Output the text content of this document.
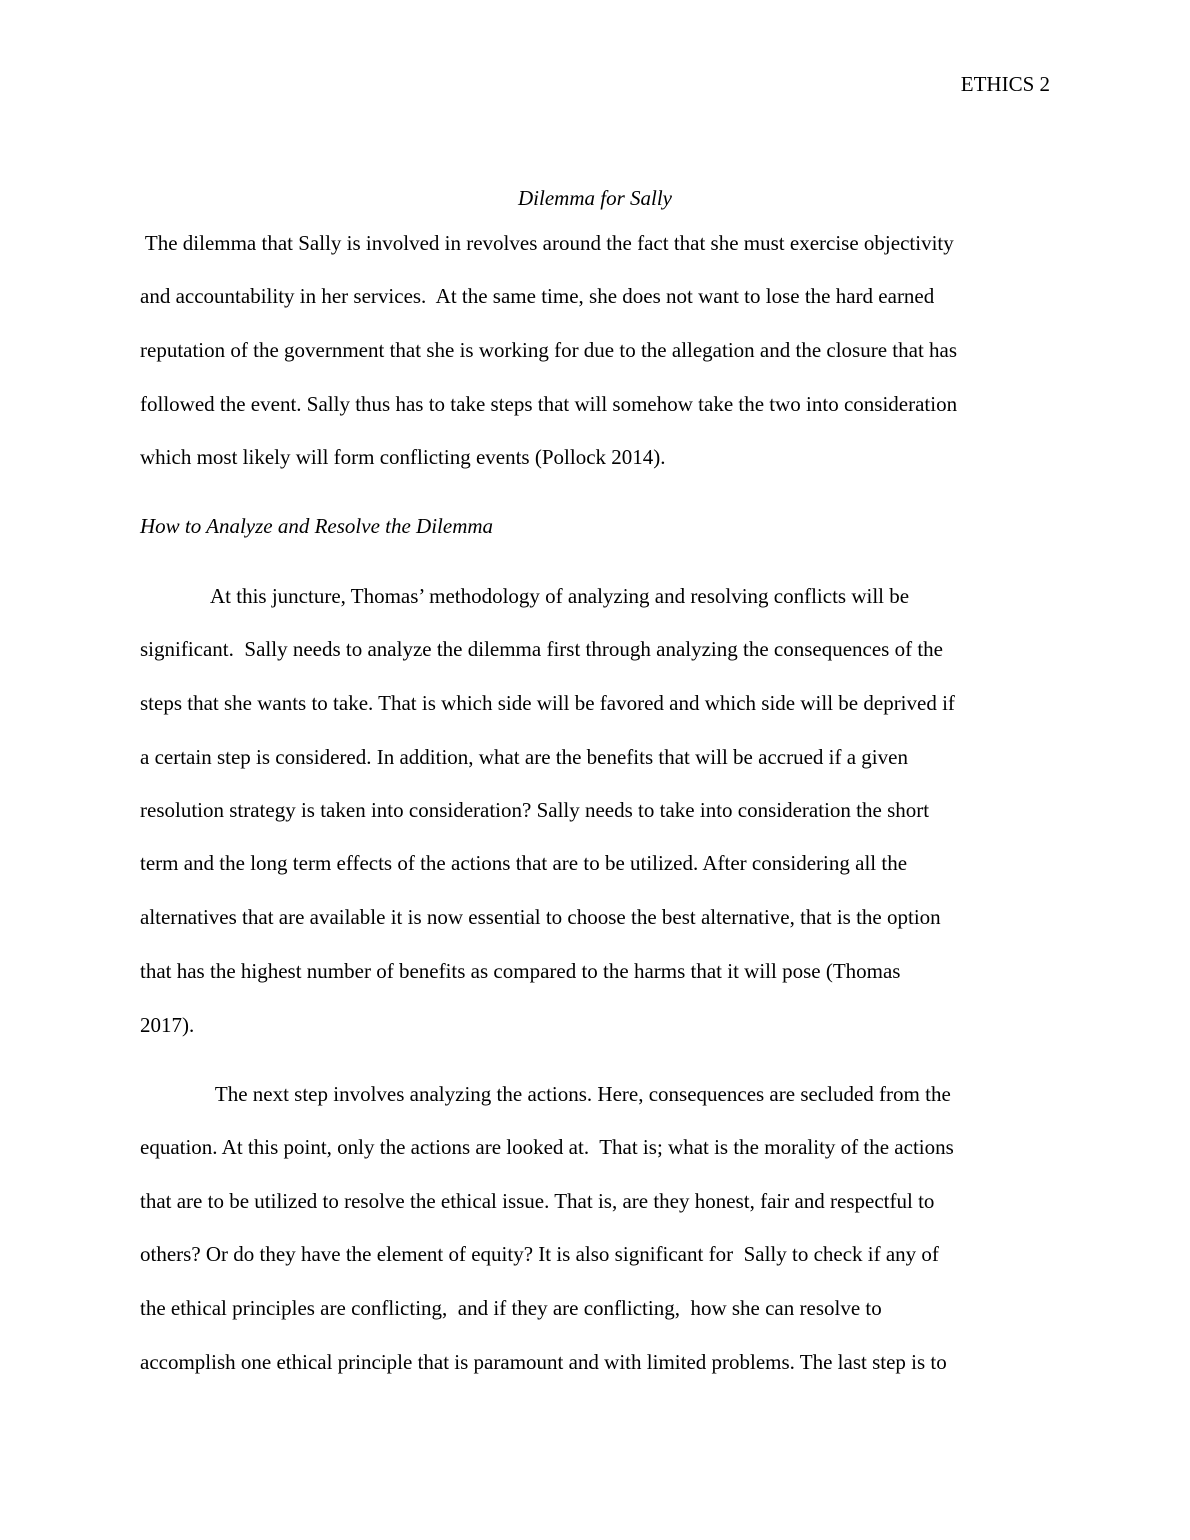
ETHICS 2
Dilemma for Sally
The dilemma that Sally is involved in revolves around the fact that she must exercise objectivity
and accountability in her services.  At the same time, she does not want to lose the hard earned
reputation of the government that she is working for due to the allegation and the closure that has
followed the event. Sally thus has to take steps that will somehow take the two into consideration
which most likely will form conflicting events (Pollock 2014).
How to Analyze and Resolve the Dilemma
At this juncture, Thomas’ methodology of analyzing and resolving conflicts will be
significant.  Sally needs to analyze the dilemma first through analyzing the consequences of the
steps that she wants to take. That is which side will be favored and which side will be deprived if
a certain step is considered. In addition, what are the benefits that will be accrued if a given
resolution strategy is taken into consideration? Sally needs to take into consideration the short
term and the long term effects of the actions that are to be utilized. After considering all the
alternatives that are available it is now essential to choose the best alternative, that is the option
that has the highest number of benefits as compared to the harms that it will pose (Thomas
2017).
The next step involves analyzing the actions. Here, consequences are secluded from the
equation. At this point, only the actions are looked at.  That is; what is the morality of the actions
that are to be utilized to resolve the ethical issue. That is, are they honest, fair and respectful to
others? Or do they have the element of equity? It is also significant for  Sally to check if any of
the ethical principles are conflicting,  and if they are conflicting,  how she can resolve to
accomplish one ethical principle that is paramount and with limited problems. The last step is to
